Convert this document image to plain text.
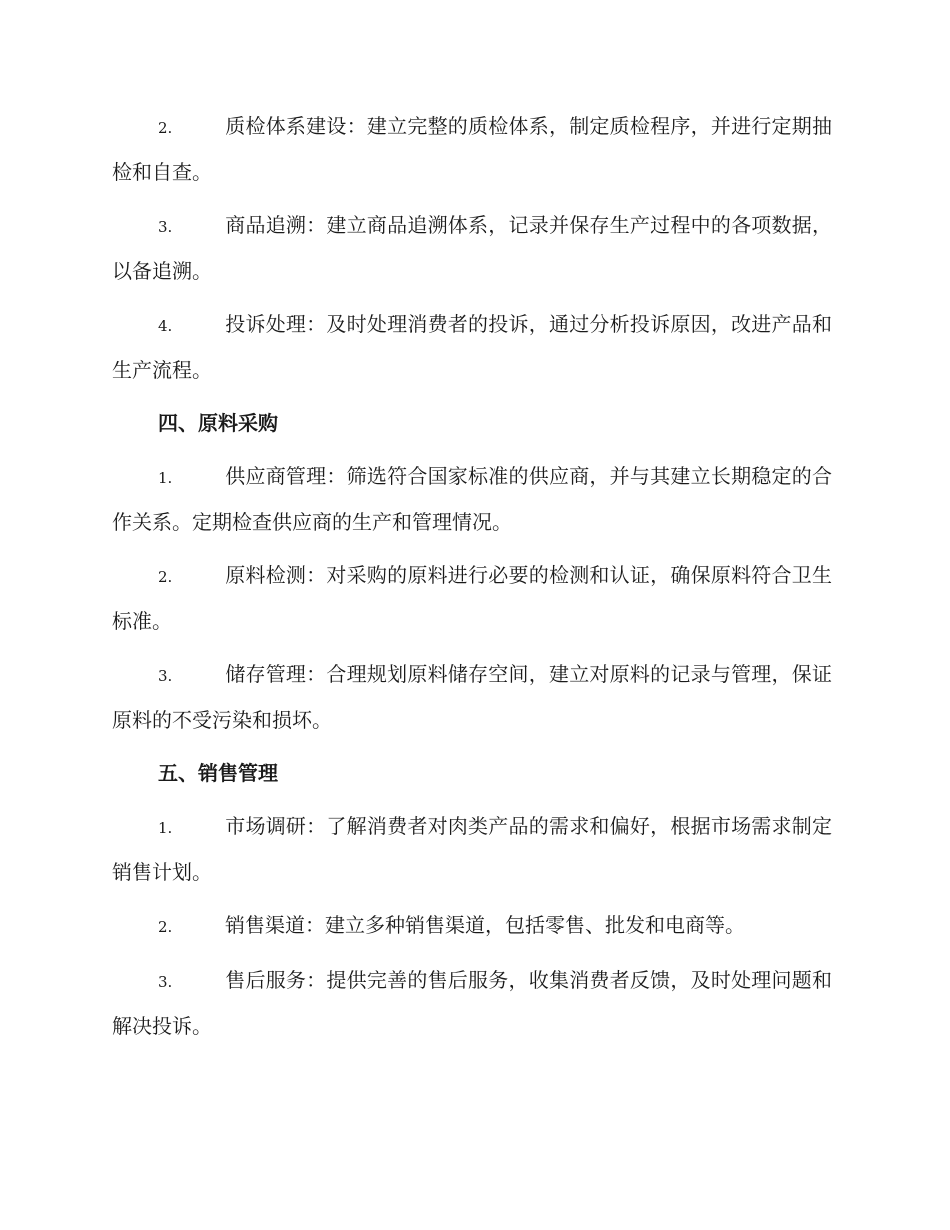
2.	质检体系建设：建立完整的质检体系，制定质检程序，并进行定期抽检和自查。

3.	商品追溯：建立商品追溯体系，记录并保存生产过程中的各项数据，以备追溯。

4.	投诉处理：及时处理消费者的投诉，通过分析投诉原因，改进产品和生产流程。

四、原料采购

1.	供应商管理：筛选符合国家标准的供应商，并与其建立长期稳定的合作关系。定期检查供应商的生产和管理情况。

2.	原料检测：对采购的原料进行必要的检测和认证，确保原料符合卫生标准。

3.	储存管理：合理规划原料储存空间，建立对原料的记录与管理，保证原料的不受污染和损坏。

五、销售管理

1.	市场调研：了解消费者对肉类产品的需求和偏好，根据市场需求制定销售计划。

2.	销售渠道：建立多种销售渠道，包括零售、批发和电商等。

3.	售后服务：提供完善的售后服务，收集消费者反馈，及时处理问题和解决投诉。
